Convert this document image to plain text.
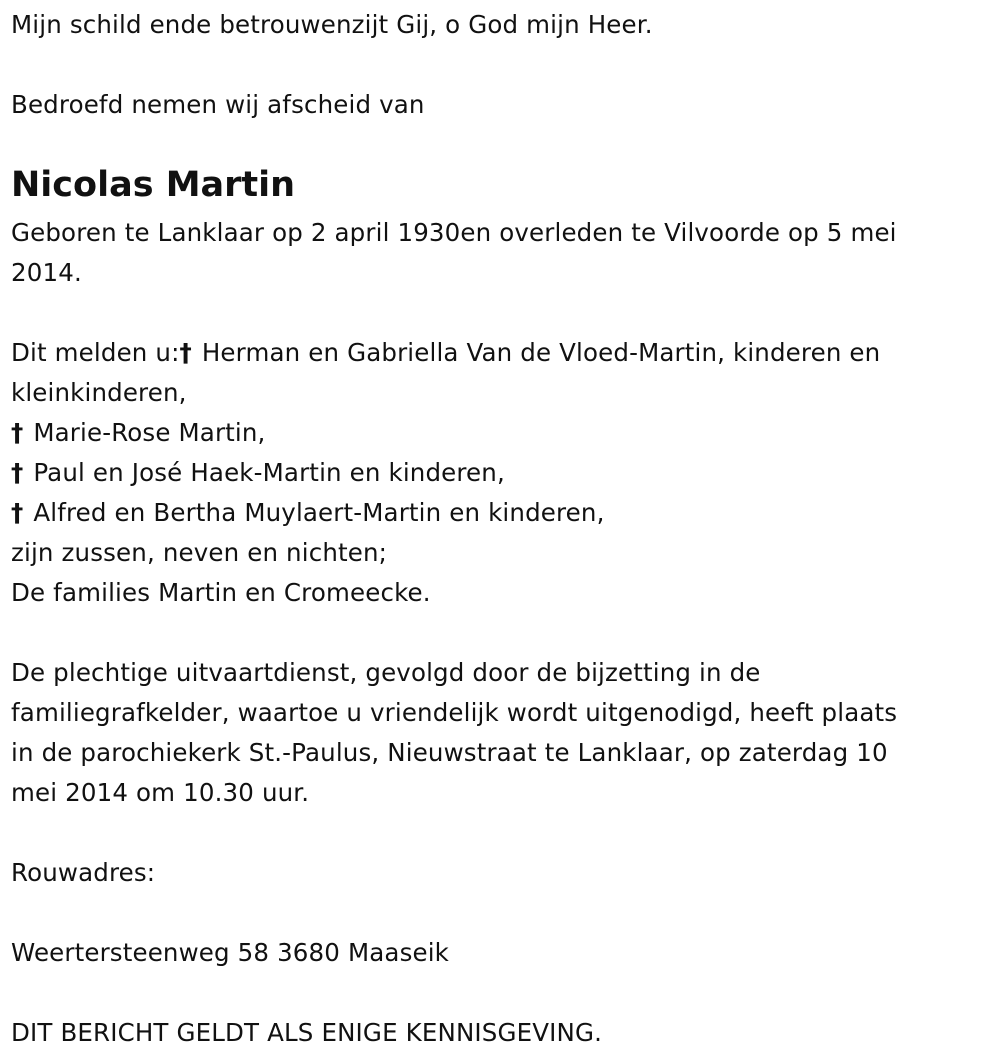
Mijn schild ende betrouwenzijt Gij, o God mijn Heer.
Bedroefd nemen wij afscheid van
Nicolas Martin
Geboren te Lanklaar op 2 april 1930en overleden te Vilvoorde op 5 mei
2014.
Dit melden u:† Herman en Gabriella Van de Vloed-Martin, kinderen en
kleinkinderen,
† Marie-Rose Martin,
† Paul en José Haek-Martin en kinderen,
† Alfred en Bertha Muylaert-Martin en kinderen,
zijn zussen, neven en nichten;
De families Martin en Cromeecke.
De plechtige uitvaartdienst, gevolgd door de bijzetting in de
familiegrafkelder, waartoe u vriendelijk wordt uitgenodigd, heeft plaats
in de parochiekerk St.-Paulus, Nieuwstraat te Lanklaar, op zaterdag 10
mei 2014 om 10.30 uur.
Rouwadres:
Weertersteenweg 58 3680 Maaseik
DIT BERICHT GELDT ALS ENIGE KENNISGEVING.
